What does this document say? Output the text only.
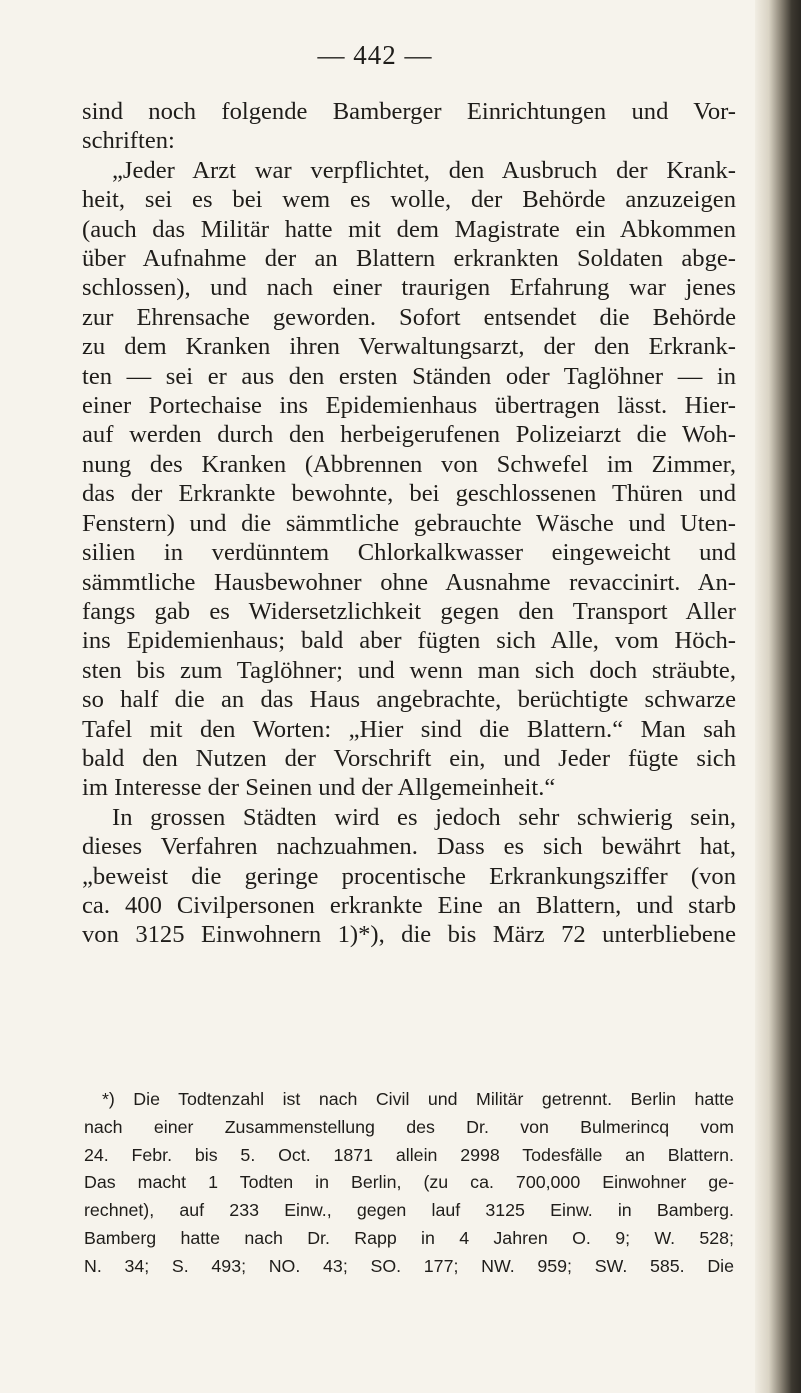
— 442 —
sind noch folgende Bamberger Einrichtungen und Vor-
schriften:
„Jeder Arzt war verpflichtet, den Ausbruch der Krank-
heit, sei es bei wem es wolle, der Behörde anzuzeigen
(auch das Militär hatte mit dem Magistrate ein Abkommen
über Aufnahme der an Blattern erkrankten Soldaten abge-
schlossen), und nach einer traurigen Erfahrung war jenes
zur Ehrensache geworden. Sofort entsendet die Behörde
zu dem Kranken ihren Verwaltungsarzt, der den Erkrank-
ten — sei er aus den ersten Ständen oder Taglöhner — in
einer Portechaise ins Epidemienhaus übertragen lässt. Hier-
auf werden durch den herbeigerufenen Polizeiarzt die Woh-
nung des Kranken (Abbrennen von Schwefel im Zimmer,
das der Erkrankte bewohnte, bei geschlossenen Thüren und
Fenstern) und die sämmtliche gebrauchte Wäsche und Uten-
silien in verdünntem Chlorkalkwasser eingeweicht und
sämmtliche Hausbewohner ohne Ausnahme revaccinirt. An-
fangs gab es Widersetzlichkeit gegen den Transport Aller
ins Epidemienhaus; bald aber fügten sich Alle, vom Höch-
sten bis zum Taglöhner; und wenn man sich doch sträubte,
so half die an das Haus angebrachte, berüchtigte schwarze
Tafel mit den Worten: „Hier sind die Blattern.“ Man sah
bald den Nutzen der Vorschrift ein, und Jeder fügte sich
im Interesse der Seinen und der Allgemeinheit.“
In grossen Städten wird es jedoch sehr schwierig sein,
dieses Verfahren nachzuahmen. Dass es sich bewährt hat,
„beweist die geringe procentische Erkrankungsziffer (von
ca. 400 Civilpersonen erkrankte Eine an Blattern, und starb
von 3125 Einwohnern 1)*), die bis März 72 unterbliebene
*) Die Todtenzahl ist nach Civil und Militär getrennt. Berlin hatte
nach einer Zusammenstellung des Dr. von Bulmerincq vom
24. Febr. bis 5. Oct. 1871 allein 2998 Todesfälle an Blattern.
Das macht 1 Todten in Berlin, (zu ca. 700,000 Einwohner ge-
rechnet), auf 233 Einw., gegen lauf 3125 Einw. in Bamberg.
Bamberg hatte nach Dr. Rapp in 4 Jahren O. 9; W. 528;
N. 34; S. 493; NO. 43; SO. 177; NW. 959; SW. 585. Die
